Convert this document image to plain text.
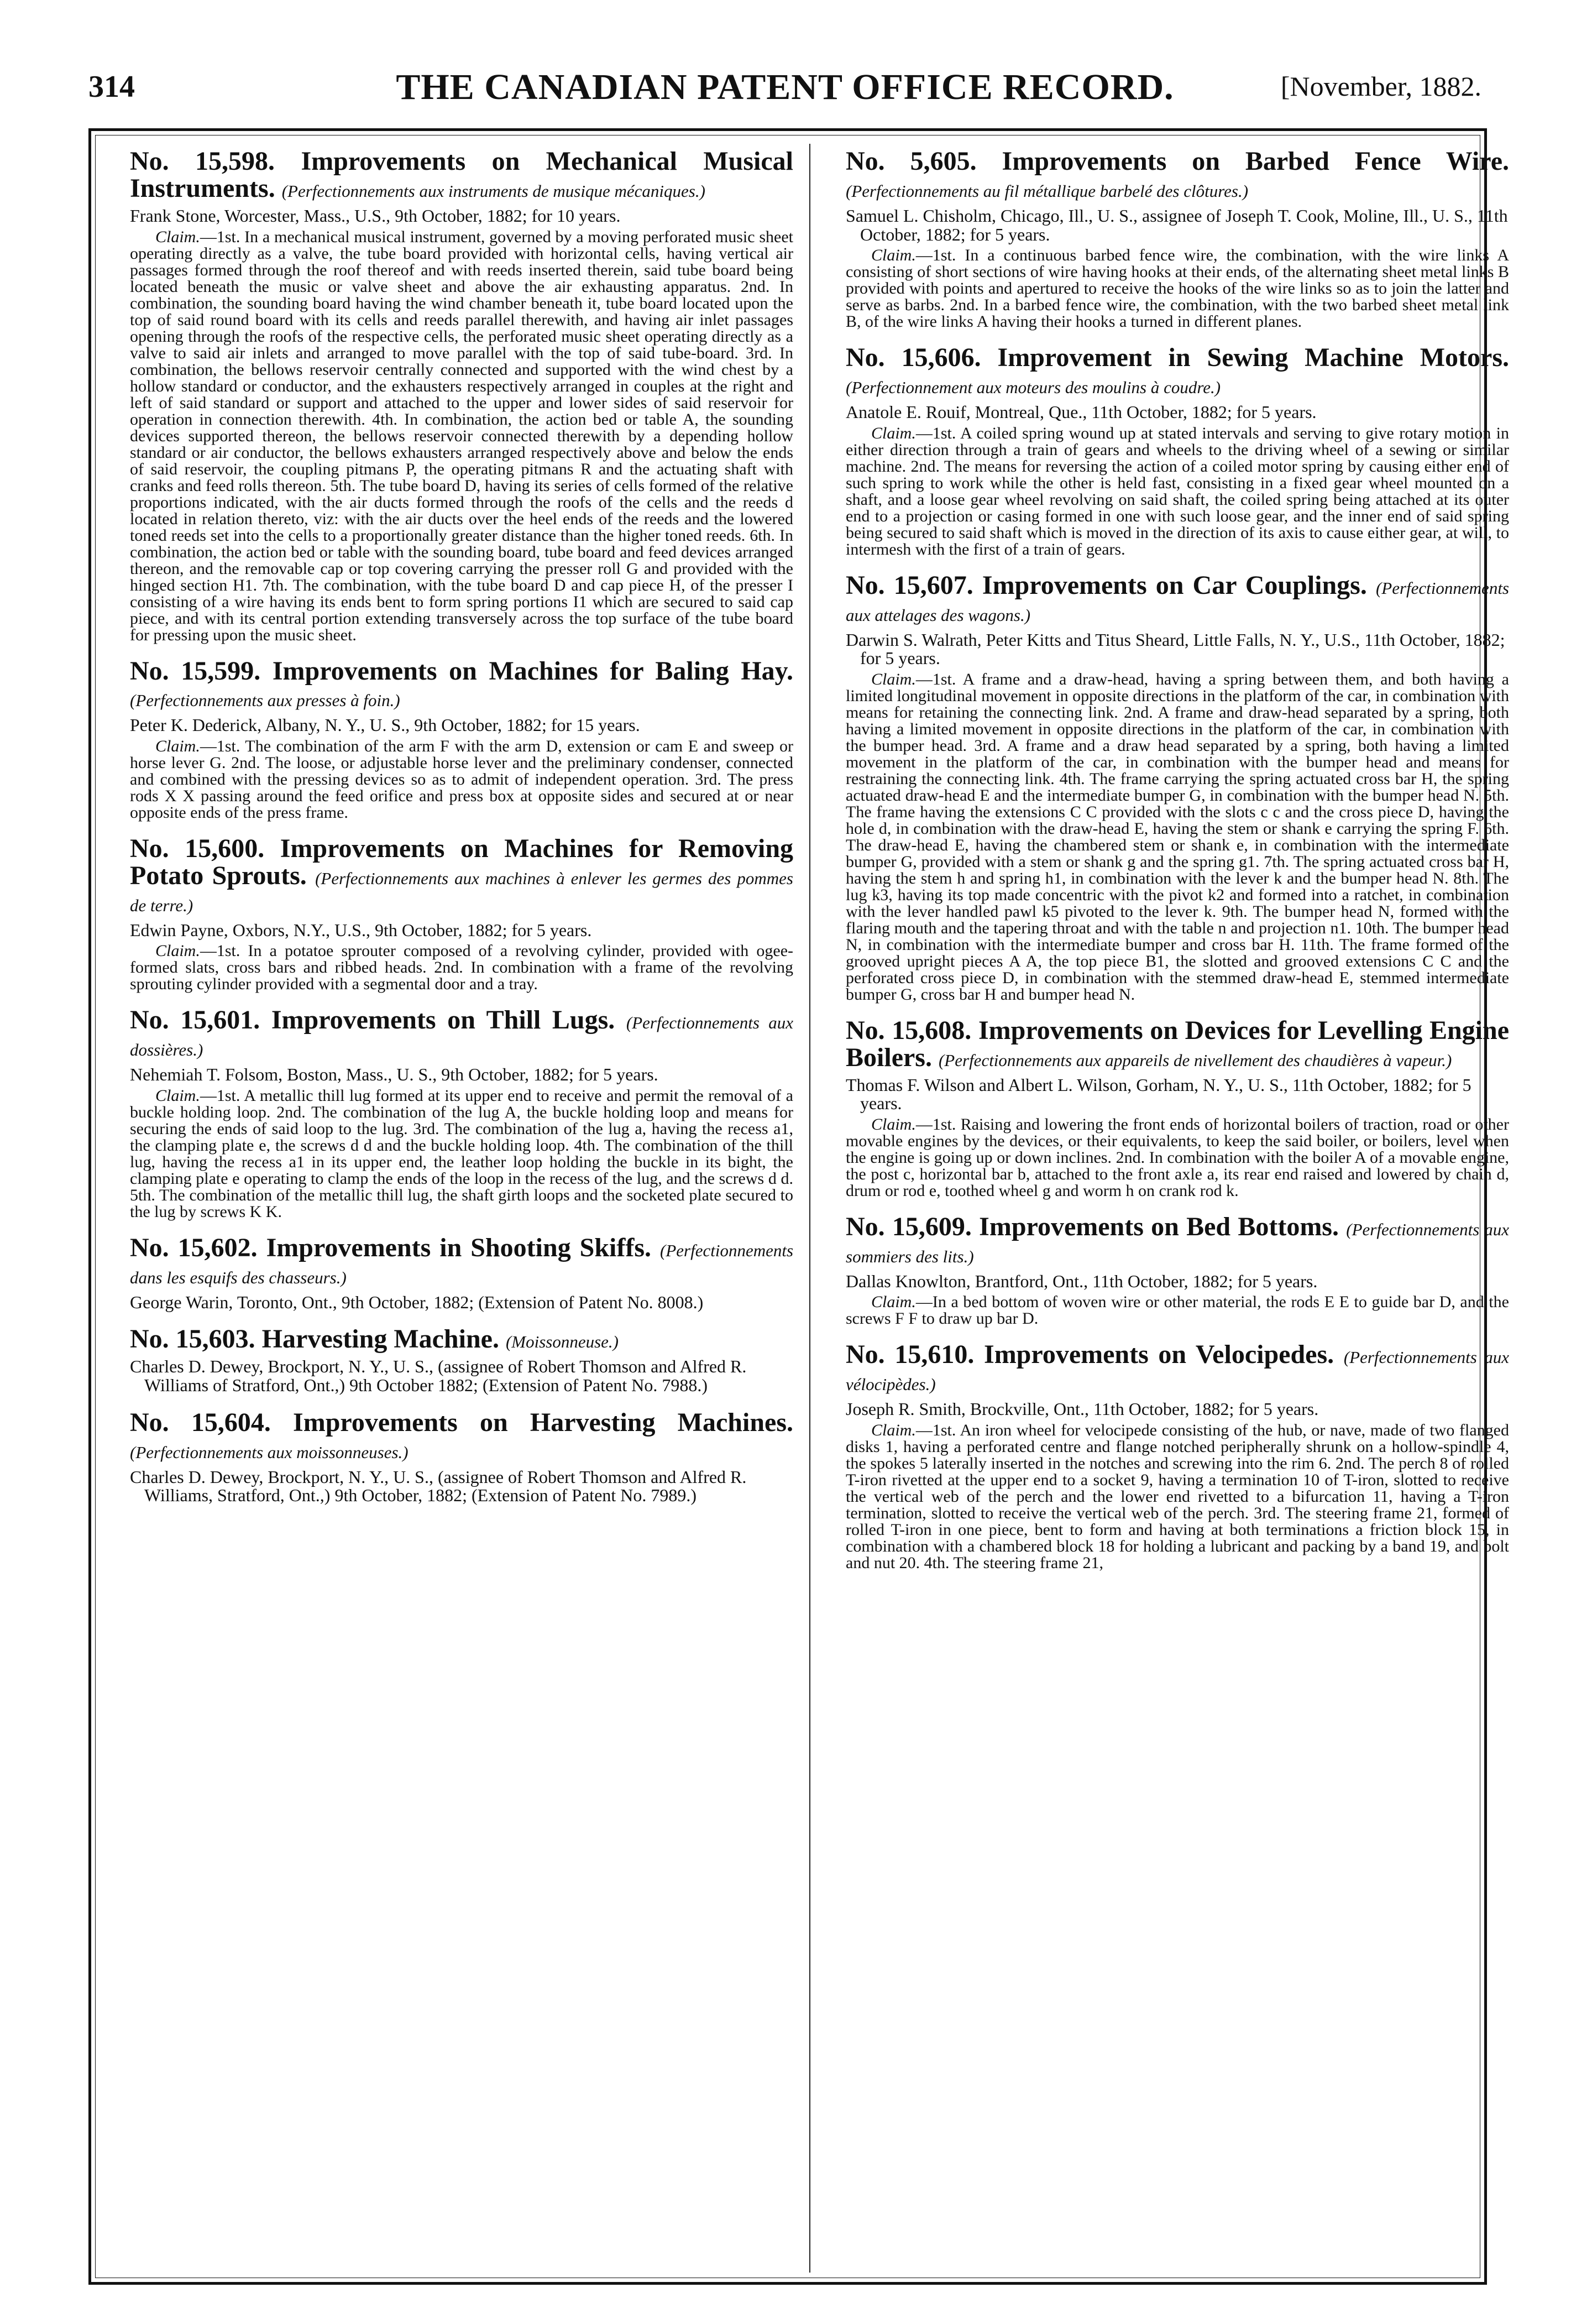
314	THE CANADIAN PATENT OFFICE RECORD.	[November, 1882.
No. 15,598. Improvements on Mechanical Musical Instruments. (Perfectionnements aux instruments de musique mécaniques.)
Frank Stone, Worcester, Mass., U.S., 9th October, 1882; for 10 years.
Claim.—1st. In a mechanical musical instrument, governed by a moving perforated music sheet operating directly as a valve, the tube board provided with horizontal cells, having vertical air passages formed through the roof thereof and with reeds inserted therein, said tube board being located beneath the music or valve sheet and above the air exhausting apparatus. 2nd. In combination, the sounding board having the wind chamber beneath it, tube board located upon the top of said round board with its cells and reeds parallel therewith, and having air inlet passages opening through the roofs of the respective cells, the perforated music sheet operating directly as a valve to said air inlets and arranged to move parallel with the top of said tube-board. 3rd. In combination, the bellows reservoir centrally connected and supported with the wind chest by a hollow standard or conductor, and the exhausters respectively arranged in couples at the right and left of said standard or support and attached to the upper and lower sides of said reservoir for operation in connection therewith. 4th. In combination, the action bed or table A, the sounding devices supported thereon, the bellows reservoir connected therewith by a depending hollow standard or air conductor, the bellows exhausters arranged respectively above and below the ends of said reservoir, the coupling pitmans P, the operating pitmans R and the actuating shaft with cranks and feed rolls thereon. 5th. The tube board D, having its series of cells formed of the relative proportions indicated, with the air ducts formed through the roofs of the cells and the reeds d located in relation thereto, viz: with the air ducts over the heel ends of the reeds and the lowered toned reeds set into the cells to a proportionally greater distance than the higher toned reeds. 6th. In combination, the action bed or table with the sounding board, tube board and feed devices arranged thereon, and the removable cap or top covering carrying the presser roll G and provided with the hinged section H1. 7th. The combination, with the tube board D and cap piece H, of the presser I consisting of a wire having its ends bent to form spring portions I1 which are secured to said cap piece, and with its central portion extending transversely across the top surface of the tube board for pressing upon the music sheet.
No. 15,599. Improvements on Machines for Baling Hay. (Perfectionnements aux presses à foin.)
Peter K. Dederick, Albany, N. Y., U. S., 9th October, 1882; for 15 years.
Claim.—1st. The combination of the arm F with the arm D, extension or cam E and sweep or horse lever G. 2nd. The loose, or adjustable horse lever and the preliminary condenser, connected and combined with the pressing devices so as to admit of independent operation. 3rd. The press rods X X passing around the feed orifice and press box at opposite sides and secured at or near opposite ends of the press frame.
No. 15,600. Improvements on Machines for Removing Potato Sprouts. (Perfectionnements aux machines à enlever les germes des pommes de terre.)
Edwin Payne, Oxbors, N.Y., U.S., 9th October, 1882; for 5 years.
Claim.—1st. In a potatoe sprouter composed of a revolving cylinder, provided with ogee-formed slats, cross bars and ribbed heads. 2nd. In combination with a frame of the revolving sprouting cylinder provided with a segmental door and a tray.
No. 15,601. Improvements on Thill Lugs. (Perfectionnements aux dossières.)
Nehemiah T. Folsom, Boston, Mass., U. S., 9th October, 1882; for 5 years.
Claim.—1st. A metallic thill lug formed at its upper end to receive and permit the removal of a buckle holding loop. 2nd. The combination of the lug A, the buckle holding loop and means for securing the ends of said loop to the lug. 3rd. The combination of the lug a, having the recess a1, the clamping plate e, the screws d d and the buckle holding loop. 4th. The combination of the thill lug, having the recess a1 in its upper end, the leather loop holding the buckle in its bight, the clamping plate e operating to clamp the ends of the loop in the recess of the lug, and the screws d d. 5th. The combination of the metallic thill lug, the shaft girth loops and the socketed plate secured to the lug by screws K K.
No. 15,602. Improvements in Shooting Skiffs. (Perfectionnements dans les esquifs des chasseurs.)
George Warin, Toronto, Ont., 9th October, 1882; (Extension of Patent No. 8008.)
No. 15,603. Harvesting Machine. (Moissonneuse.)
Charles D. Dewey, Brockport, N. Y., U. S., (assignee of Robert Thomson and Alfred R. Williams of Stratford, Ont.,) 9th October 1882; (Extension of Patent No. 7988.)
No. 15,604. Improvements on Harvesting Machines. (Perfectionnements aux moissonneuses.)
Charles D. Dewey, Brockport, N. Y., U. S., (assignee of Robert Thomson and Alfred R. Williams, Stratford, Ont.,) 9th October, 1882; (Extension of Patent No. 7989.)
No. 5,605. Improvements on Barbed Fence Wire. (Perfectionnements au fil métallique barbelé des clôtures.)
Samuel L. Chisholm, Chicago, Ill., U. S., assignee of Joseph T. Cook, Moline, Ill., U. S., 11th October, 1882; for 5 years.
Claim.—1st. In a continuous barbed fence wire, the combination, with the wire links A consisting of short sections of wire having hooks at their ends, of the alternating sheet metal links B provided with points and apertured to receive the hooks of the wire links so as to join the latter and serve as barbs. 2nd. In a barbed fence wire, the combination, with the two barbed sheet metal link B, of the wire links A having their hooks a turned in different planes.
No. 15,606. Improvement in Sewing Machine Motors. (Perfectionnement aux moteurs des moulins à coudre.)
Anatole E. Rouif, Montreal, Que., 11th October, 1882; for 5 years.
Claim.—1st. A coiled spring wound up at stated intervals and serving to give rotary motion in either direction through a train of gears and wheels to the driving wheel of a sewing or similar machine. 2nd. The means for reversing the action of a coiled motor spring by causing either end of such spring to work while the other is held fast, consisting in a fixed gear wheel mounted on a shaft, and a loose gear wheel revolving on said shaft, the coiled spring being attached at its outer end to a projection or casing formed in one with such loose gear, and the inner end of said spring being secured to said shaft which is moved in the direction of its axis to cause either gear, at will, to intermesh with the first of a train of gears.
No. 15,607. Improvements on Car Couplings. (Perfectionnements aux attelages des wagons.)
Darwin S. Walrath, Peter Kitts and Titus Sheard, Little Falls, N. Y., U.S., 11th October, 1882; for 5 years.
Claim.—1st. A frame and a draw-head, having a spring between them, and both having a limited longitudinal movement in opposite directions in the platform of the car, in combination with means for retaining the connecting link. 2nd. A frame and draw-head separated by a spring, both having a limited movement in opposite directions in the platform of the car, in combination with the bumper head. 3rd. A frame and a draw head separated by a spring, both having a limited movement in the platform of the car, in combination with the bumper head and means for restraining the connecting link. 4th. The frame carrying the spring actuated cross bar H, the spring actuated draw-head E and the intermediate bumper G, in combination with the bumper head N. 5th. The frame having the extensions C C provided with the slots c c and the cross piece D, having the hole d, in combination with the draw-head E, having the stem or shank e carrying the spring F. 6th. The draw-head E, having the chambered stem or shank e, in combination with the intermediate bumper G, provided with a stem or shank g and the spring g1. 7th. The spring actuated cross bar H, having the stem h and spring h1, in combination with the lever k and the bumper head N. 8th. The lug k3, having its top made concentric with the pivot k2 and formed into a ratchet, in combination with the lever handled pawl k5 pivoted to the lever k. 9th. The bumper head N, formed with the flaring mouth and the tapering throat and with the table n and projection n1. 10th. The bumper head N, in combination with the intermediate bumper and cross bar H. 11th. The frame formed of the grooved upright pieces A A, the top piece B1, the slotted and grooved extensions C C and the perforated cross piece D, in combination with the stemmed draw-head E, stemmed intermediate bumper G, cross bar H and bumper head N.
No. 15,608. Improvements on Devices for Levelling Engine Boilers. (Perfectionnements aux appareils de nivellement des chaudières à vapeur.)
Thomas F. Wilson and Albert L. Wilson, Gorham, N. Y., U. S., 11th October, 1882; for 5 years.
Claim.—1st. Raising and lowering the front ends of horizontal boilers of traction, road or other movable engines by the devices, or their equivalents, to keep the said boiler, or boilers, level when the engine is going up or down inclines. 2nd. In combination with the boiler A of a movable engine, the post c, horizontal bar b, attached to the front axle a, its rear end raised and lowered by chain d, drum or rod e, toothed wheel g and worm h on crank rod k.
No. 15,609. Improvements on Bed Bottoms. (Perfectionnements aux sommiers des lits.)
Dallas Knowlton, Brantford, Ont., 11th October, 1882; for 5 years.
Claim.—In a bed bottom of woven wire or other material, the rods E E to guide bar D, and the screws F F to draw up bar D.
No. 15,610. Improvements on Velocipedes. (Perfectionnements aux vélocipèdes.)
Joseph R. Smith, Brockville, Ont., 11th October, 1882; for 5 years.
Claim.—1st. An iron wheel for velocipede consisting of the hub, or nave, made of two flanged disks 1, having a perforated centre and flange notched peripherally shrunk on a hollow-spindle 4, the spokes 5 laterally inserted in the notches and screwing into the rim 6. 2nd. The perch 8 of rolled T-iron rivetted at the upper end to a socket 9, having a termination 10 of T-iron, slotted to receive the vertical web of the perch and the lower end rivetted to a bifurcation 11, having a T-iron termination, slotted to receive the vertical web of the perch. 3rd. The steering frame 21, formed of rolled T-iron in one piece, bent to form and having at both terminations a friction block 15, in combination with a chambered block 18 for holding a lubricant and packing by a band 19, and bolt and nut 20. 4th. The steering frame 21,
